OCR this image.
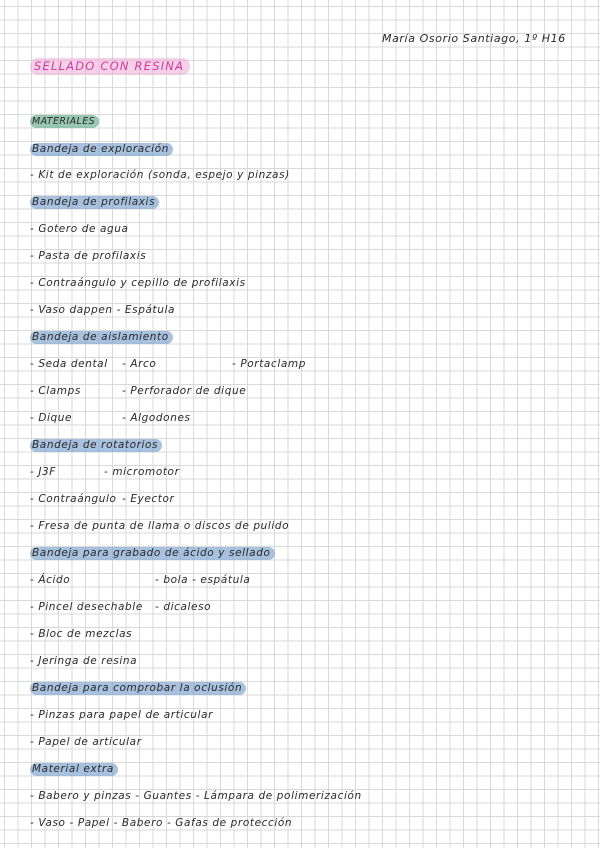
María Osorio Santiago, 1º H16
SELLADO CON RESINA
MATERIALES
Bandeja de exploración
- Kit de exploración (sonda, espejo y pinzas)
Bandeja de profilaxis
- Gotero de agua
- Pasta de profilaxis
- Contraángulo y cepillo de profilaxis
- Vaso dappen - Espátula
Bandeja de aislamiento
- Seda dental - Arco	- Portaclamp
- Clamps	- Perforador de dique
- Dique	- Algodones
Bandeja de rotatorios
- J3F	- micromotor
- Contraángulo - Eyector
- Fresa de punta de llama o discos de pulido
Bandeja para grabado de ácido y sellado
- Ácido	- bola - espátula
- Pincel desechable - dicaleso
- Bloc de mezclas
- Jeringa de resina
Bandeja para comprobar la oclusión
- Pinzas para papel de articular
- Papel de articular
Material extra
- Babero y pinzas - Guantes - Lámpara de polimerización
- Vaso - Papel - Babero - Gafas de protección
